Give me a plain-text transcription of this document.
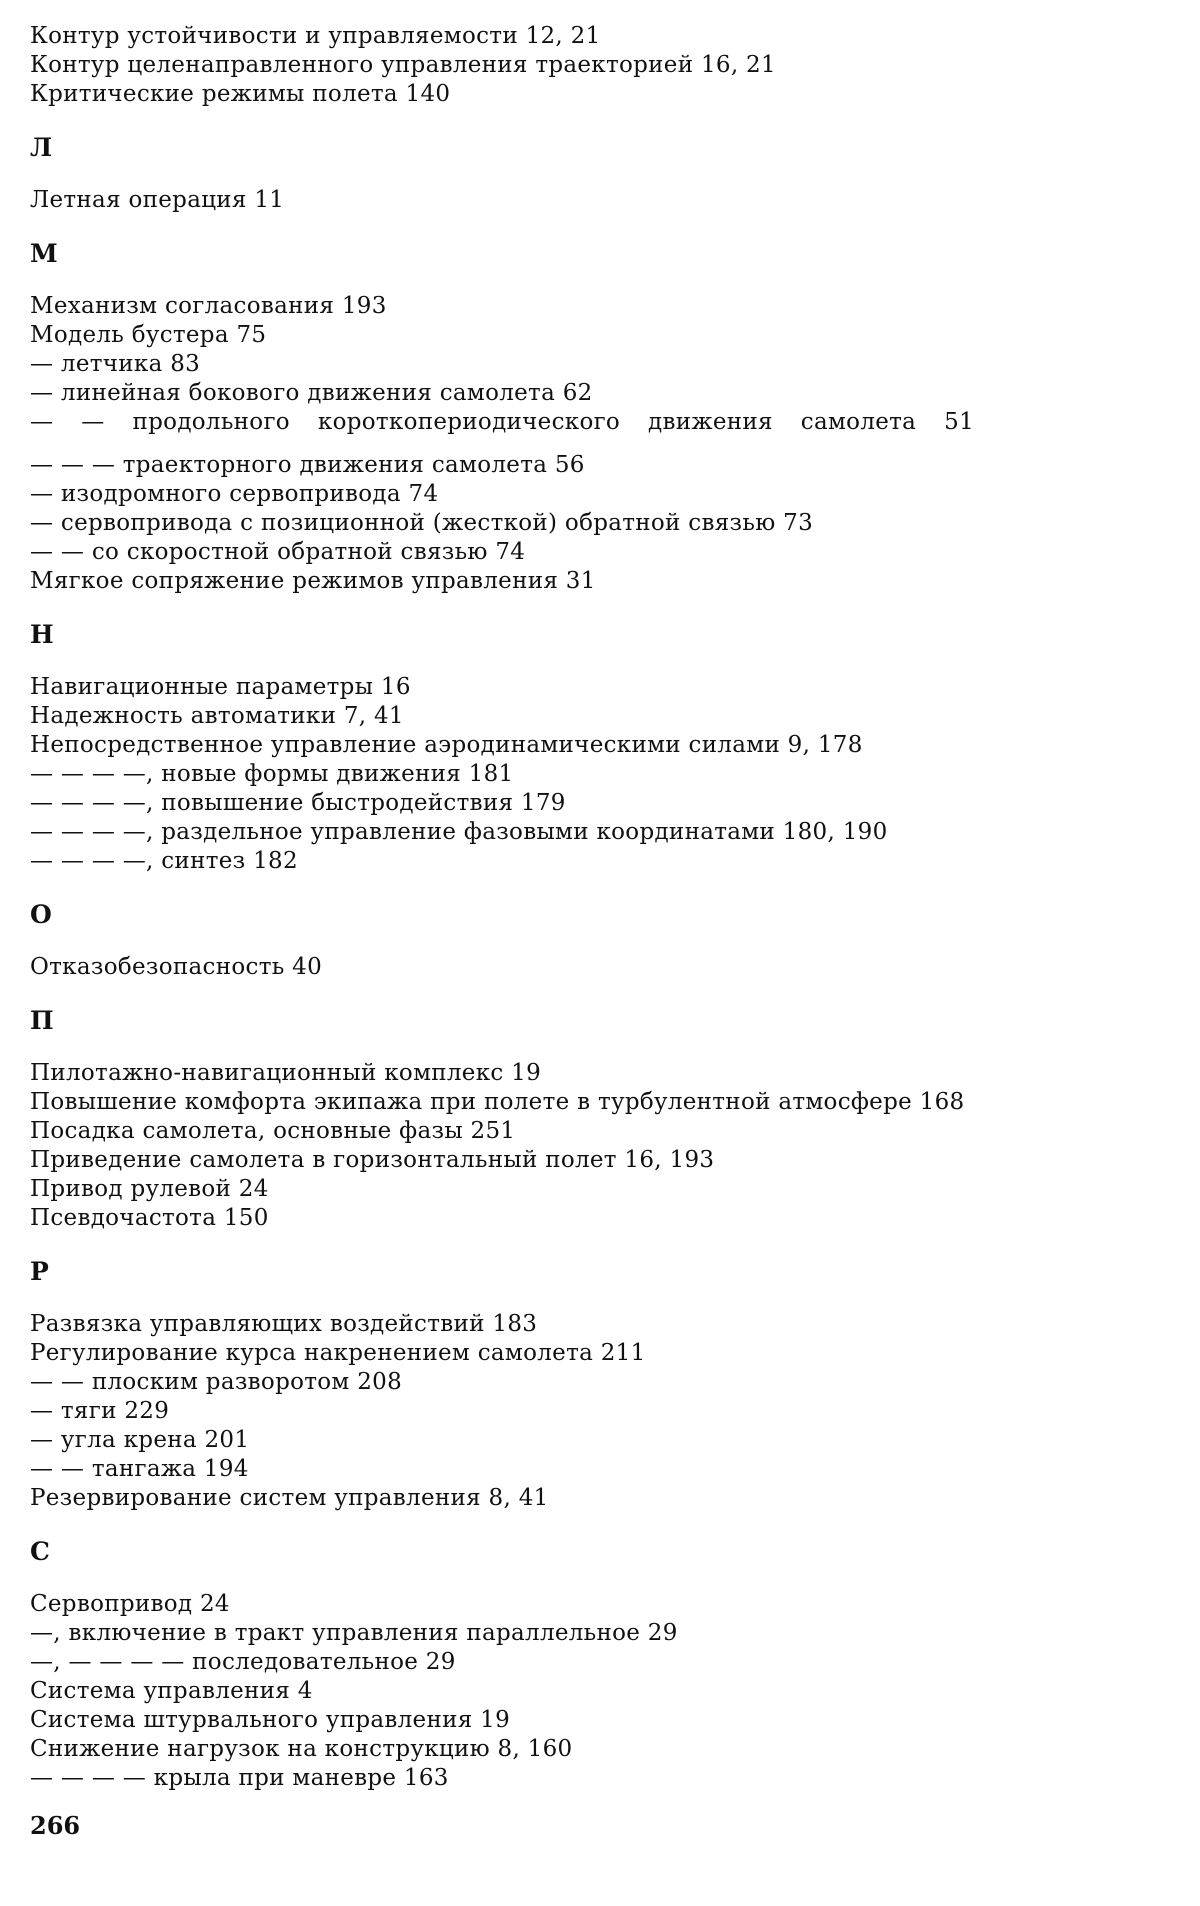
Контур устойчивости и управляемости 12, 21
Контур целенаправленного управления траекторией 16, 21
Критические режимы полета 140
Л
Летная операция 11
М
Механизм согласования 193
Модель бустера 75
— летчика 83
— линейная бокового движения самолета 62
— — продольного короткопериодического движения самолета 51
— — — траекторного движения самолета 56
— изодромного сервопривода 74
— сервопривода с позиционной (жесткой) обратной связью 73
— — со скоростной обратной связью 74
Мягкое сопряжение режимов управления 31
Н
Навигационные параметры 16
Надежность автоматики 7, 41
Непосредственное управление аэродинамическими силами 9, 178
— — — —, новые формы движения 181
— — — —, повышение быстродействия 179
— — — —, раздельное управление фазовыми координатами 180, 190
— — — —, синтез 182
О
Отказобезопасность 40
П
Пилотажно-навигационный комплекс 19
Повышение комфорта экипажа при полете в турбулентной атмосфере 168
Посадка самолета, основные фазы 251
Приведение самолета в горизонтальный полет 16, 193
Привод рулевой 24
Псевдочастота 150
Р
Развязка управляющих воздействий 183
Регулирование курса накренением самолета 211
— — плоским разворотом 208
— тяги 229
— угла крена 201
— — тангажа 194
Резервирование систем управления 8, 41
С
Сервопривод 24
—, включение в тракт управления параллельное 29
—, — — — — последовательное 29
Система управления 4
Система штурвального управления 19
Снижение нагрузок на конструкцию 8, 160
— — — — крыла при маневре 163
266
